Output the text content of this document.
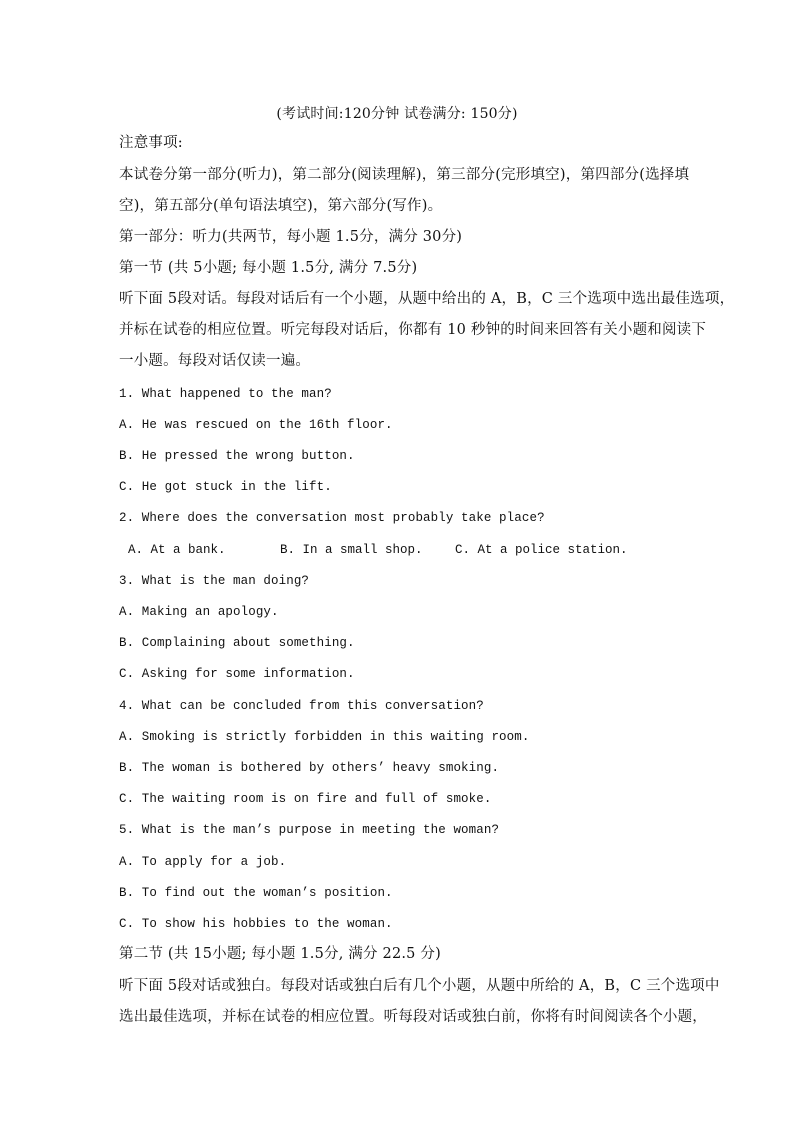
(考试时间:120分钟 试卷满分: 150分)
注意事项:
本试卷分第一部分(听力)，第二部分(阅读理解)，第三部分(完形填空)，第四部分(选择填
空)，第五部分(单句语法填空)，第六部分(写作)。
第一部分：听力(共两节，每小题 1.5分，满分 30分)
第一节 (共 5小题; 每小题 1.5分, 满分 7.5分)
听下面 5段对话。每段对话后有一个小题，从题中给出的 A，B，C 三个选项中选出最佳选项，
并标在试卷的相应位置。听完每段对话后，你都有 10 秒钟的时间来回答有关小题和阅读下
一小题。每段对话仅读一遍。
1. What happened to the man?
A. He was rescued on the 16th floor.
B. He pressed the wrong button.
C. He got stuck in the lift.
2. Where does the conversation most probably take place?
A. At a bank.	B. In a small shop.	C. At a police station.
3. What is the man doing?
A. Making an apology.
B. Complaining about something.
C. Asking for some information.
4. What can be concluded from this conversation?
A. Smoking is strictly forbidden in this waiting room.
B. The woman is bothered by others’ heavy smoking.
C. The waiting room is on fire and full of smoke.
5. What is the man’s purpose in meeting the woman?
A. To apply for a job.
B. To find out the woman’s position.
C. To show his hobbies to the woman.
第二节 (共 15小题; 每小题 1.5分, 满分 22.5 分)
听下面 5段对话或独白。每段对话或独白后有几个小题，从题中所给的 A，B，C 三个选项中
选出最佳选项，并标在试卷的相应位置。听每段对话或独白前，你将有时间阅读各个小题，
